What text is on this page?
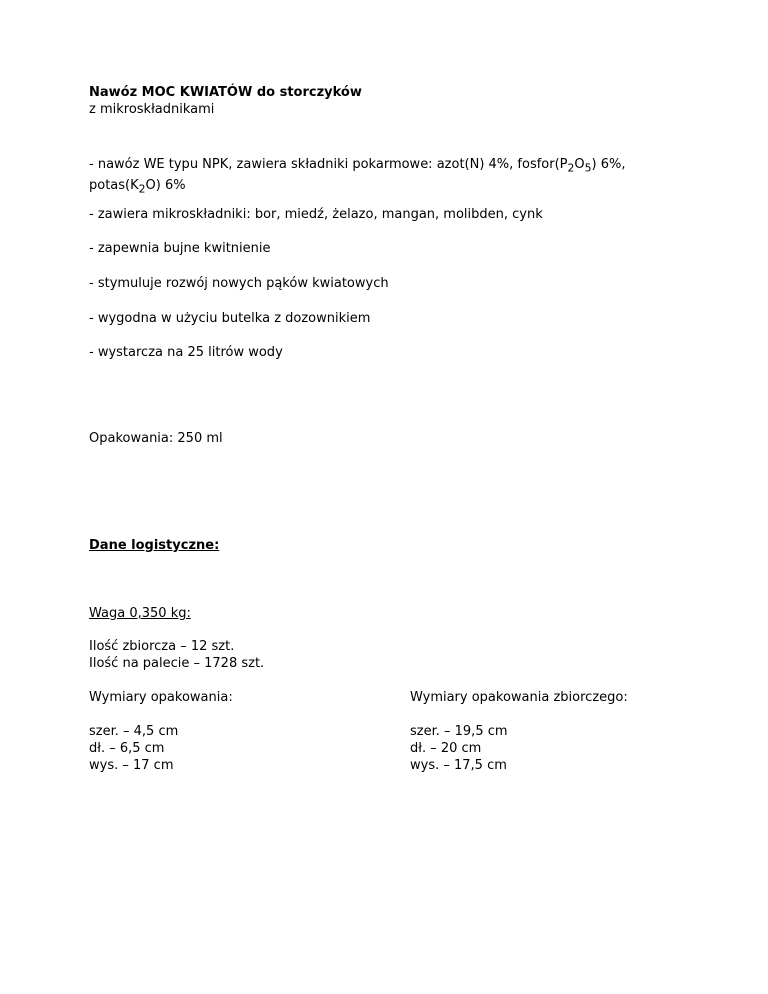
Nawóz MOC KWIATÓW do storczyków

z mikroskładnikami

- nawóz WE typu NPK, zawiera składniki pokarmowe: azot(N) 4%, $fosfor(P_2O_5)$ 6%,
$potas(K_2O)$ 6%

- zawiera mikroskładniki: bor, miedź, żelazo, mangan, molibden, cynk

- zapewnia bujne kwitnienie

- stymuluje rozwój nowych pąków kwiatowych

- wygodna w użyciu butelka z dozownikiem

- wystarcza na 25 litrów wody

Opakowania: 250 ml

Dane logistyczne:

Waga 0,350 kg:

Ilość zbiorcza – 12 szt.
Ilość na palecie – 1728 szt.

Wymiary opakowania:

szer. – 4,5 cm
dł. – 6,5 cm
wys. – 17 cm

Wymiary opakowania zbiorczego:

szer. – 19,5 cm
dł. – 20 cm
wys. – 17,5 cm
